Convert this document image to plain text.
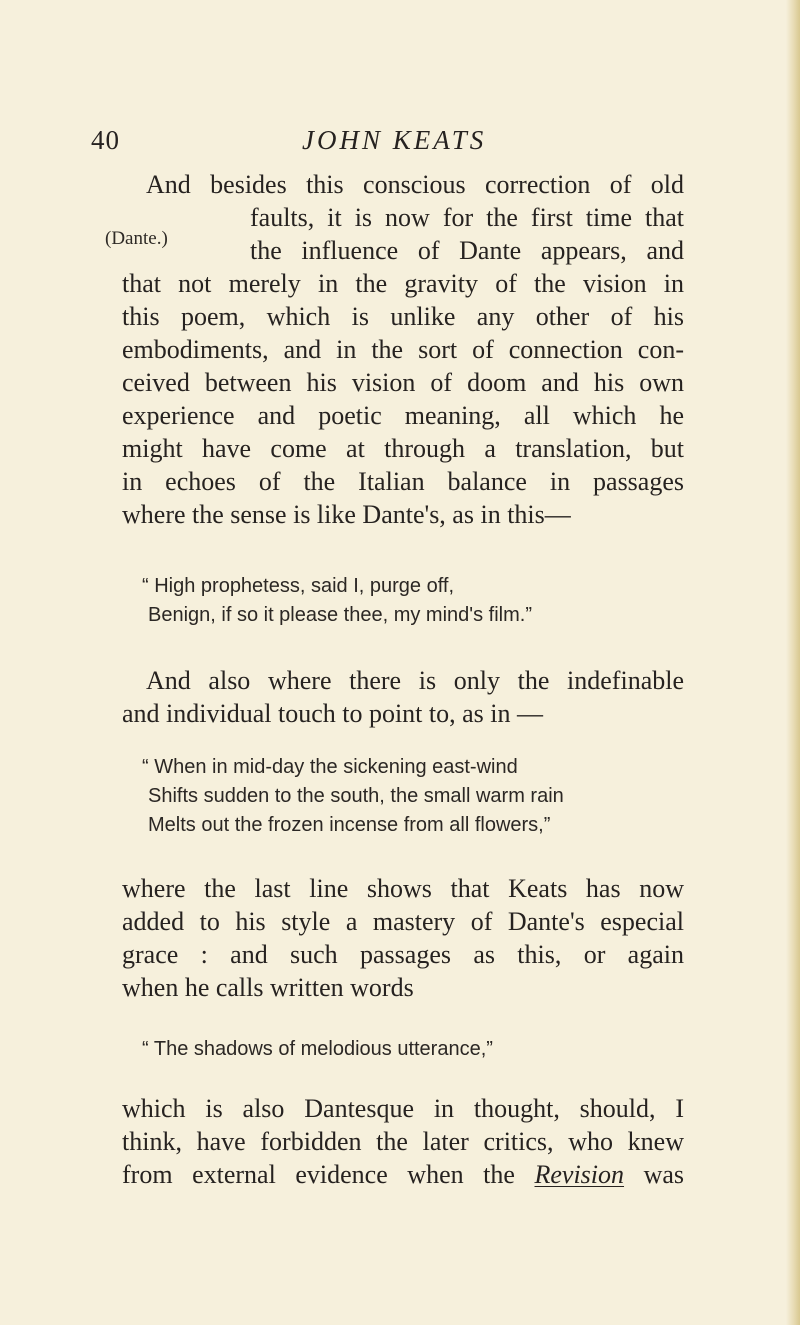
40	JOHN KEATS
(Dante.)
And besides this conscious correction of old
faults, it is now for the first time that
the influence of Dante appears, and
that not merely in the gravity of the vision in
this poem, which is unlike any other of his
embodiments, and in the sort of connection con-
ceived between his vision of doom and his own
experience and poetic meaning, all which he
might have come at through a translation, but
in echoes of the Italian balance in passages
where the sense is like Dante's, as in this—
“ High prophetess, said I, purge off,
Benign, if so it please thee, my mind's film.”
And also where there is only the indefinable
and individual touch to point to, as in —
“ When in mid-day the sickening east-wind
Shifts sudden to the south, the small warm rain
Melts out the frozen incense from all flowers,”
where the last line shows that Keats has now
added to his style a mastery of Dante's especial
grace : and such passages as this, or again
when he calls written words
“ The shadows of melodious utterance,”
which is also Dantesque in thought, should, I
think, have forbidden the later critics, who knew
from external evidence when the Revision was
